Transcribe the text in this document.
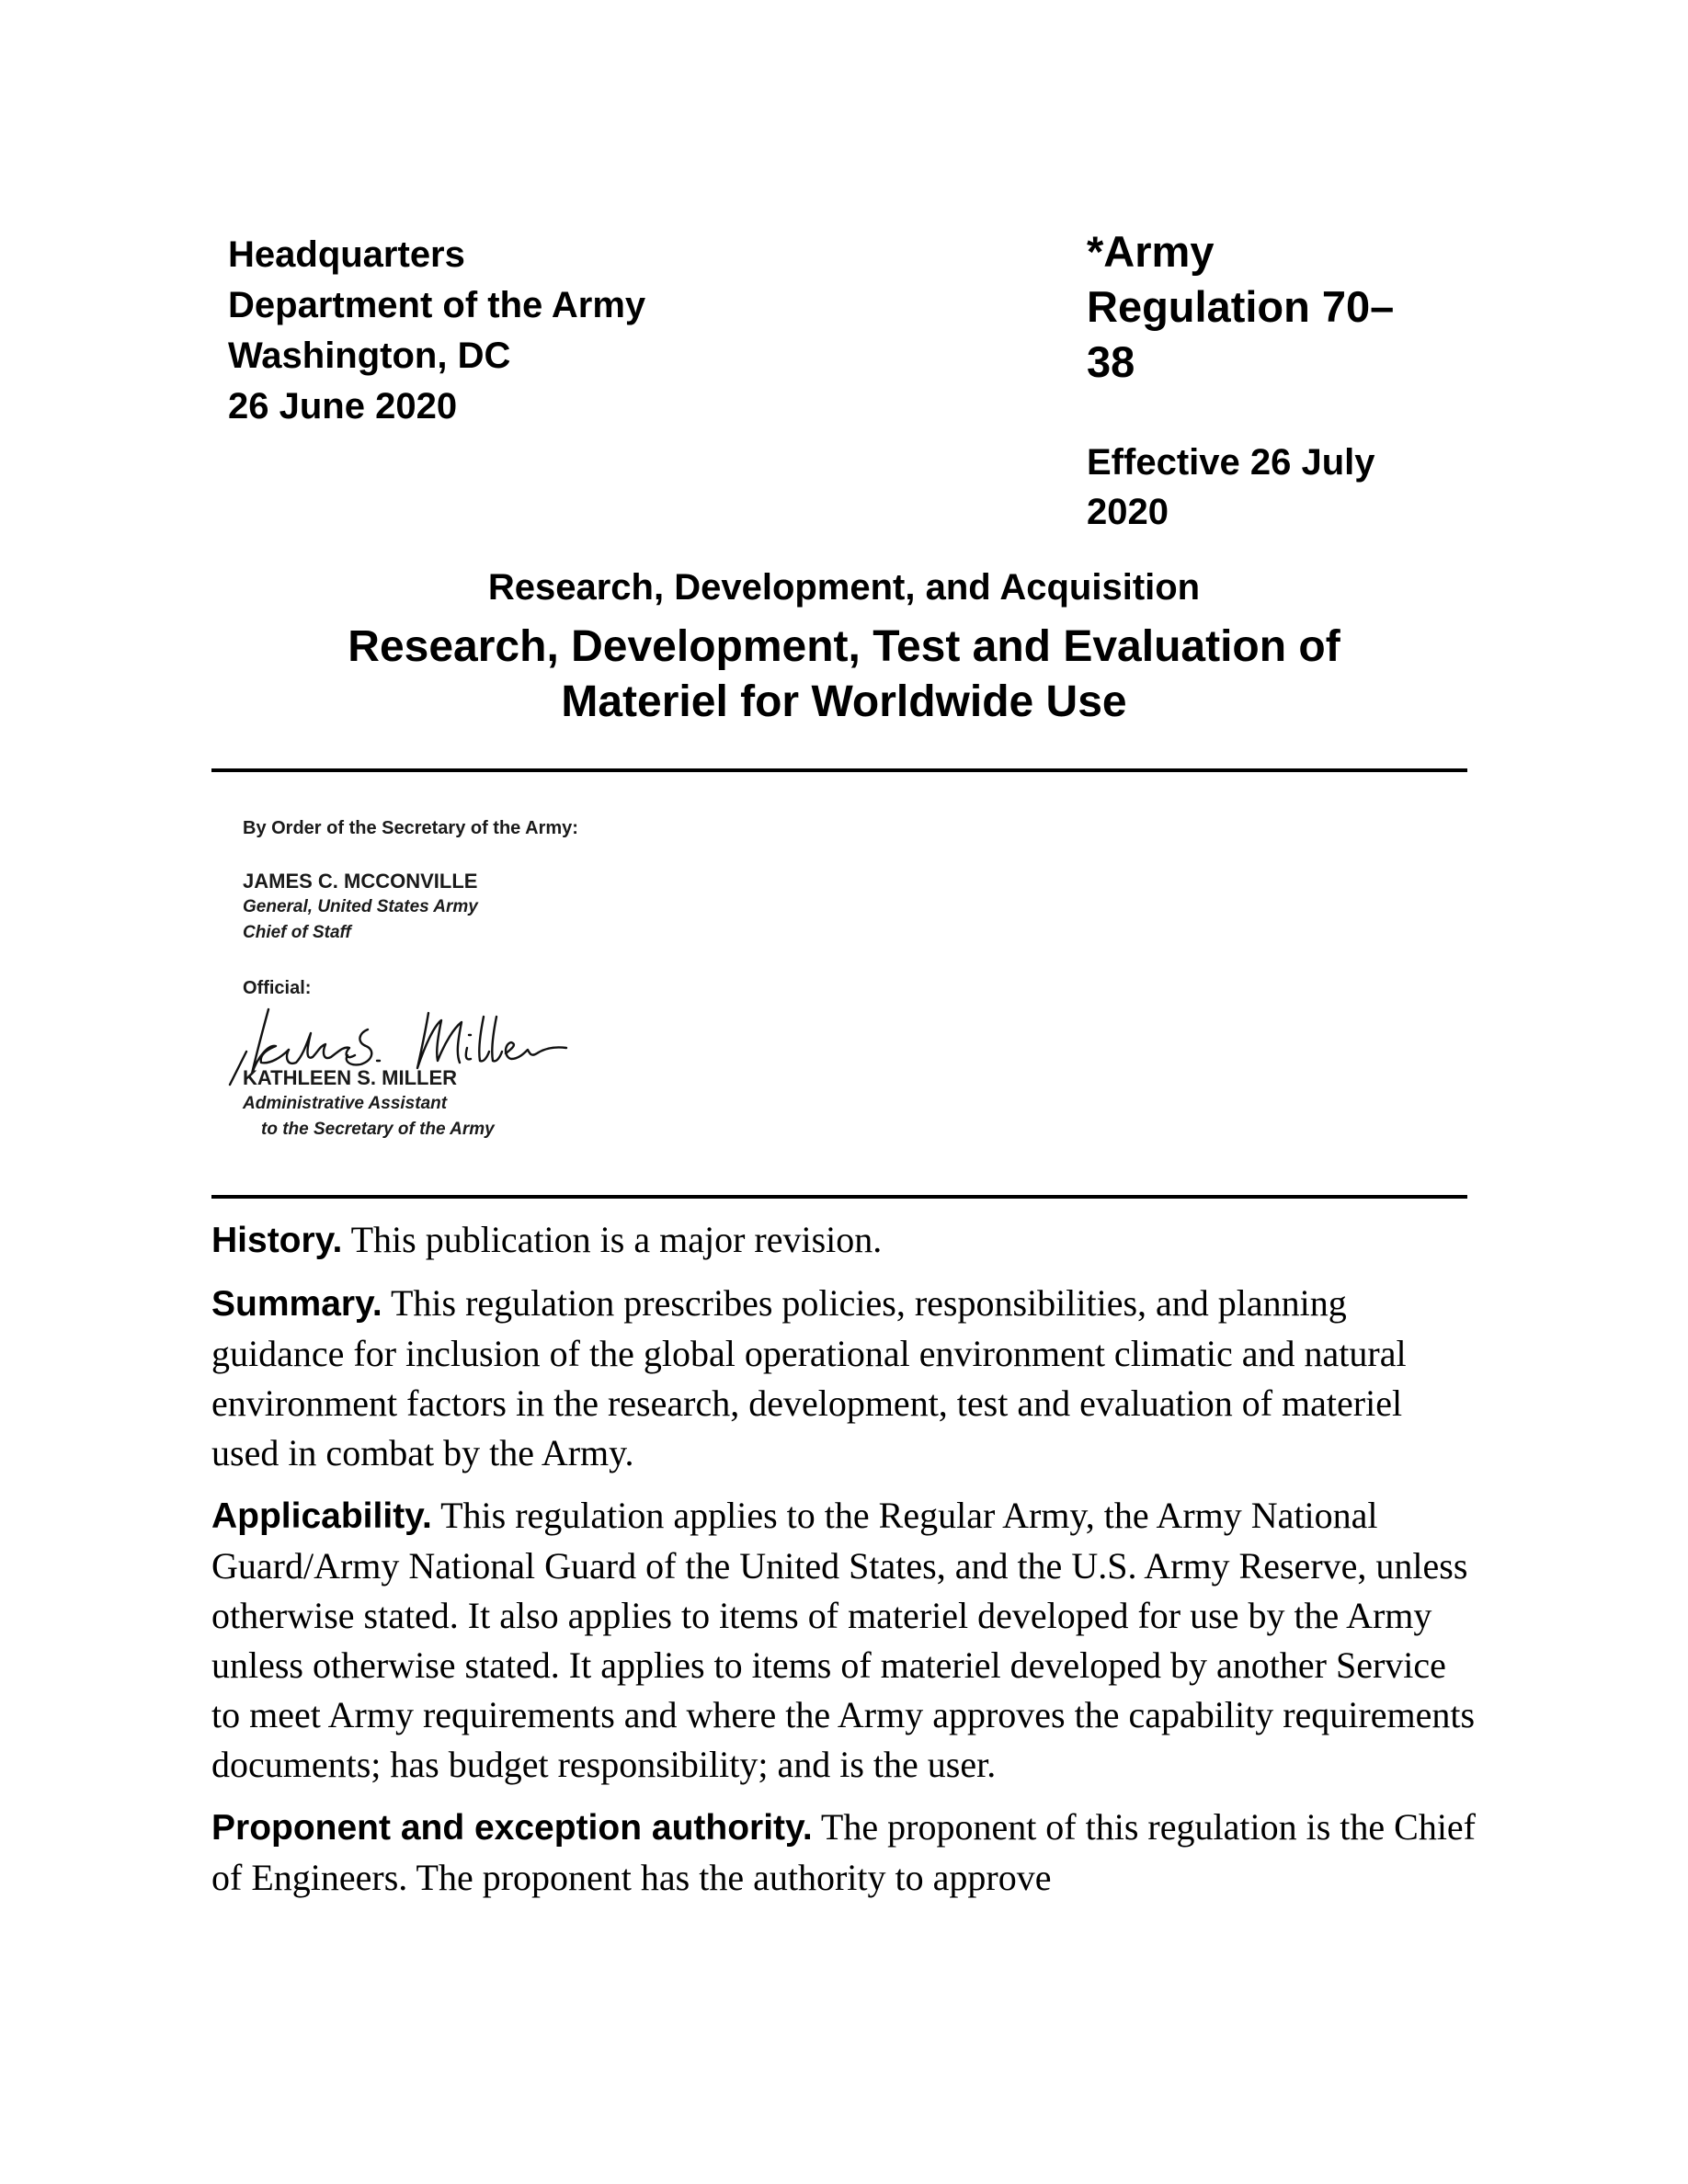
Headquarters
Department of the Army
Washington, DC
26 June 2020
*Army
Regulation 70–
38
Effective 26 July
2020
Research, Development, and Acquisition
Research, Development, Test and Evaluation of
Materiel for Worldwide Use
By Order of the Secretary of the Army:
JAMES C. MCCONVILLE
General, United States Army
Chief of Staff
Official:
KATHLEEN S. MILLER
Administrative Assistant
to the Secretary of the Army

History. This publication is a major revision.

Summary. This regulation prescribes policies, responsibilities, and planning guidance for inclusion of the global operational environment climatic and natural environment factors in the research, development, test and evaluation of materiel used in combat by the Army.

Applicability. This regulation applies to the Regular Army, the Army National Guard/Army National Guard of the United States, and the U.S. Army Reserve, unless otherwise stated. It also applies to items of materiel developed for use by the Army unless otherwise stated. It applies to items of materiel developed by another Service to meet Army requirements and where the Army approves the capability requirements documents; has budget responsibility; and is the user.

Proponent and exception authority. The proponent of this regulation is the Chief of Engineers. The proponent has the authority to approve
